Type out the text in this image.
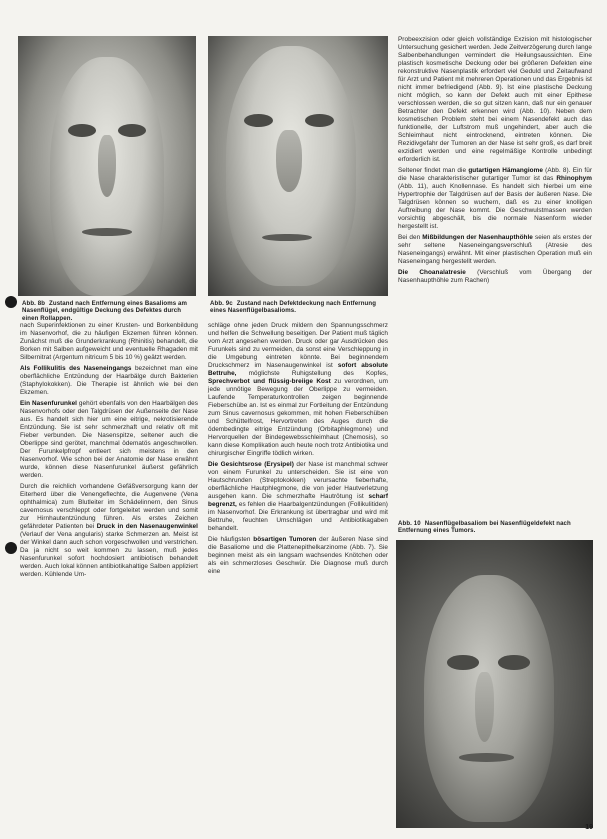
Abb. 8b Zustand nach Entfernung eines Basalioms am Nasenflügel, endgültige Deckung des Defektes durch einen Rollappen.
Abb. 9c Zustand nach Defektdeckung nach Entfernung eines Nasenflügelbasalioms.
Abb. 10 Nasenflügelbasaliom bei Nasenflügeldefekt nach Entfernung eines Tumors.

nach Superinfektionen zu einer Krusten- und Borkenbildung im Nasenvorhof, die zu häufigen Ekzemen führen können. Zunächst muß die Grunderkrankung (Rhinitis) behandelt, die Borken mit Salben aufgeweicht und eventuelle Rhagaden mit Silbernitrat (Argentum nitricum 5 bis 10 %) geätzt werden.

Als Follikulitis des Naseneingangs bezeichnet man eine oberflächliche Entzündung der Haarbälge durch Bakterien (Staphylokokken). Die Therapie ist ähnlich wie bei den Ekzemen.

Ein Nasenfurunkel gehört ebenfalls von den Haarbälgen des Nasenvorhofs oder den Talgdrüsen der Außenseite der Nase aus. Es handelt sich hier um eine eitrige, nekrotisierende Entzündung. Sie ist sehr schmerzhaft und relativ oft mit Fieber verbunden. Die Nasenspitze, seltener auch die Oberlippe sind gerötet, manchmal ödematös angeschwollen. Der Furunkelpfropf entleert sich meistens in den Nasenvorhof. Wie schon bei der Anatomie der Nase erwähnt wurde, können diese Nasenfurunkel äußerst gefährlich werden.

Durch die reichlich vorhandene Gefäßversorgung kann der Eiterherd über die Venengeflechte, die Augenvene (Vena ophthalmica) zum Blutleiter im Schädelinnern, den Sinus cavernosus verschleppt oder fortgeleitet werden und somit zur Hirnhautentzündung führen. Als erstes Zeichen gefährdeter Patienten bei Druck in den Nasenaugenwinkel (Verlauf der Vena angularis) starke Schmerzen an. Meist ist der Winkel dann auch schon vorgeschwollen und verstrichen. Da ja nicht so weit kommen zu lassen, muß jedes Nasenfurunkel sofort hochdosiert antibiotisch behandelt werden. Auch lokal können antibiotikahaltige Salben appliziert werden. Kühlende Um-

schläge ohne jeden Druck mildern den Spannungsschmerz und helfen die Schwellung beseitigen. Der Patient muß täglich vom Arzt angesehen werden. Druck oder gar Ausdrücken des Furunkels sind zu vermeiden, da sonst eine Verschleppung in die Umgebung eintreten könnte. Bei beginnendem Druckschmerz im Nasenaugenwinkel ist sofort absolute Bettruhe, möglichste Ruhigstellung des Kopfes, Sprechverbot und flüssig-breiige Kost zu verordnen, um jede unnötige Bewegung der Oberlippe zu vermeiden. Laufende Temperaturkontrollen zeigen beginnende Fieberschübe an. Ist es einmal zur Fortleitung der Entzündung zum Sinus cavernosus gekommen, mit hohen Fieberschüben und Schüttelfrost, Hervortreten des Auges durch die ödembedingte eitrige Entzündung (Orbitaphlegmone) und Hervorquellen der Bindegewebsschleimhaut (Chemosis), so kann diese Komplikation auch heute noch trotz Antibiotika und chirurgischer Eingriffe tödlich wirken.

Die Gesichtsrose (Erysipel) der Nase ist manchmal schwer von einem Furunkel zu unterscheiden. Sie ist eine von Hautschrunden (Streptokokken) verursachte fieberhafte, oberflächliche Hautphlegmone, die von jeder Hautverletzung ausgehen kann. Die schmerzhafte Hautrötung ist scharf begrenzt, es fehlen die Haarbalgentzündungen (Follikulitiden) im Nasenvorhof. Die Erkrankung ist übertragbar und wird mit Bettruhe, feuchten Umschlägen und Antibiotikagaben behandelt.

Die häufigsten bösartigen Tumoren der äußeren Nase sind die Basaliome und die Plattenepithelkarzinome (Abb. 7). Sie beginnen meist als ein langsam wachsendes Knötchen oder als ein schmerzloses Geschwür. Die Diagnose muß durch eine

Probeexzision oder gleich vollständige Exzision mit histologischer Untersuchung gesichert werden. Jede Zeitverzögerung durch lange Salbenbehandlungen vermindert die Heilungsaussichten. Eine plastisch kosmetische Deckung oder bei größeren Defekten eine rekonstruktive Nasenplastik erfordert viel Geduld und Zeitaufwand für Arzt und Patient mit mehreren Operationen und das Ergebnis ist nicht immer befriedigend (Abb. 9). Ist eine plastische Deckung nicht möglich, so kann der Defekt auch mit einer Epithese verschlossen werden, die so gut sitzen kann, daß nur ein genauer Betrachter den Defekt erkennen wird (Abb. 10). Neben dem kosmetischen Problem steht bei einem Nasendefekt auch das funktionelle, der Luftstrom muß ungehindert, aber auch die Schleimhaut nicht eintrocknend, eintreten können. Die Rezidivgefahr der Tumoren an der Nase ist sehr groß, es darf breit exzidiert werden und eine regelmäßige Kontrolle unbedingt erforderlich ist.

Seltener findet man die gutartigen Hämangiome (Abb. 8). Ein für die Nase charakteristischer gutartiger Tumor ist das Rhinophym (Abb. 11), auch Knollennase. Es handelt sich hierbei um eine Hypertrophie der Talgdrüsen auf der Basis der äußeren Nase. Die Talgdrüsen können so wuchern, daß es zu einer knolligen Auftreibung der Nase kommt. Die Geschwulstmassen werden vorsichtig abgeschält, bis die normale Nasenform wieder hergestellt ist.

Bei den Mißbildungen der Nasenhaupthöhle seien als erstes der sehr seltene Naseneingangsverschluß (Atresie des Naseneingangs) erwähnt. Mit einer plastischen Operation muß ein Naseneingang hergestellt werden.

Die Choanalatresie (Verschluß vom Übergang der Nasenhaupthöhle zum Rachen)

19
